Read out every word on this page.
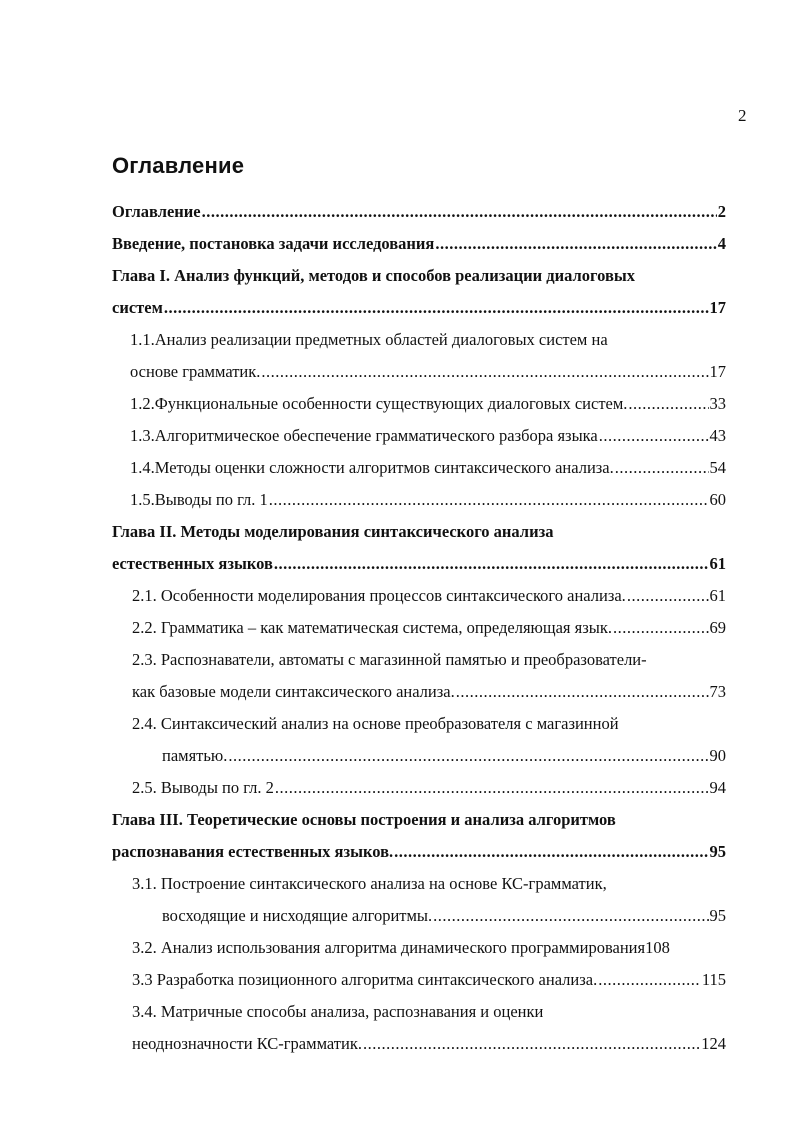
2
Оглавление
Оглавление .....	2
Введение, постановка задачи исследования .....	4
Глава I. Анализ функций, методов и способов реализации диалоговых
систем .....	17
1.1.Анализ реализации предметных областей диалоговых систем на
основе грамматик. .....	17
1.2.Функциональные особенности существующих диалоговых систем. .....	33
1.3.Алгоритмическое обеспечение грамматического разбора языка .....	43
1.4.Методы оценки сложности алгоритмов синтаксического анализа. .....	54
1.5.Выводы по гл. 1 .....	60
Глава II. Методы моделирования синтаксического анализа
естественных языков .....	61
2.1. Особенности моделирования процессов синтаксического анализа. .....	61
2.2. Грамматика – как математическая система, определяющая язык. .....	69
2.3. Распознаватели, автоматы с магазинной памятью и преобразователи-
как базовые модели синтаксического анализа. .....	73
2.4. Синтаксический анализ на основе преобразователя с магазинной
памятью. .....	90
2.5. Выводы по гл. 2 .....	94
Глава III. Теоретические основы построения и анализа алгоритмов
распознавания естественных языков. .....	95
3.1. Построение синтаксического анализа на основе КС-грамматик,
восходящие и нисходящие алгоритмы. .....	95
3.2. Анализ использования алгоритма динамического программирования 108
3.3 Разработка позиционного алгоритма синтаксического анализа. .....	115
3.4. Матричные способы анализа, распознавания и оценки
неоднозначности КС-грамматик. .....	124
